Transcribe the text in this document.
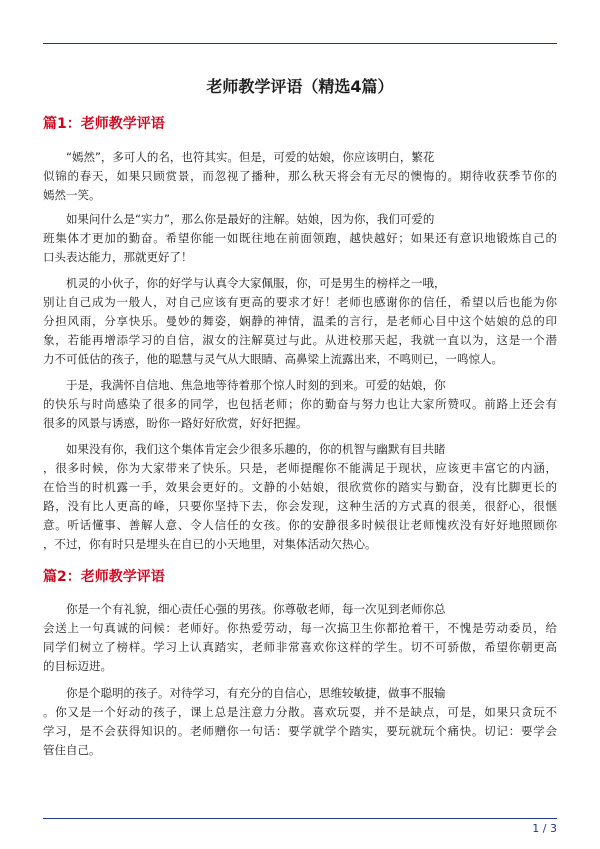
老师教学评语（精选4篇）
篇1：老师教学评语
“嫣然”，多可人的名，也符其实。但是，可爱的姑娘，你应该明白，繁花
似锦的春天，如果只顾赏景，而忽视了播种，那么秋天将会有无尽的懊悔的。期待收获季节你的
嫣然一笑。
如果问什么是“实力”，那么你是最好的注解。姑娘，因为你，我们可爱的
班集体才更加的勤奋。希望你能一如既往地在前面领跑，越快越好；如果还有意识地锻炼自己的
口头表达能力，那就更好了！
机灵的小伙子，你的好学与认真令大家佩服，你，可是男生的榜样之一哦，
别让自己成为一般人，对自己应该有更高的要求才好！老师也感谢你的信任，希望以后也能为你
分担风雨，分享快乐。曼妙的舞姿，娴静的神情，温柔的言行，是老师心目中这个姑娘的总的印
象，若能再增添学习的自信，淑女的注解莫过与此。从进校那天起，我就一直以为，这是一个潜
力不可低估的孩子，他的聪慧与灵气从大眼睛、高鼻梁上流露出来，不鸣则已，一鸣惊人。
于是，我满怀自信地、焦急地等待着那个惊人时刻的到来。可爱的姑娘，你
的快乐与时尚感染了很多的同学，也包括老师；你的勤奋与努力也让大家所赞叹。前路上还会有
很多的风景与诱惑，盼你一路好好欣赏，好好把握。
如果没有你，我们这个集体肯定会少很多乐趣的，你的机智与幽默有目共睹
，很多时候，你为大家带来了快乐。只是，老师提醒你不能满足于现状，应该更丰富它的内涵，
在恰当的时机露一手，效果会更好的。文静的小姑娘，很欣赏你的踏实与勤奋，没有比脚更长的
路，没有比人更高的峰，只要你坚持下去，你会发现，这种生活的方式真的很美，很舒心，很惬
意。听话懂事、善解人意、令人信任的女孩。你的安静很多时候很让老师愧疚没有好好地照顾你
，不过，你有时只是埋头在自已的小天地里，对集体活动欠热心。
篇2：老师教学评语
你是一个有礼貌，细心责任心强的男孩。你尊敬老师，每一次见到老师你总
会送上一句真诚的问候：老师好。你热爱劳动，每一次搞卫生你都抢着干，不愧是劳动委员，给
同学们树立了榜样。学习上认真踏实，老师非常喜欢你这样的学生。切不可骄傲，希望你朝更高
的目标迈进。
你是个聪明的孩子。对待学习，有充分的自信心，思维较敏捷，做事不服输
。你又是一个好动的孩子，课上总是注意力分散。喜欢玩耍，并不是缺点，可是，如果只贪玩不
学习，是不会获得知识的。老师赠你一句话：要学就学个踏实，要玩就玩个痛快。切记：要学会
管住自己。
1 / 3
